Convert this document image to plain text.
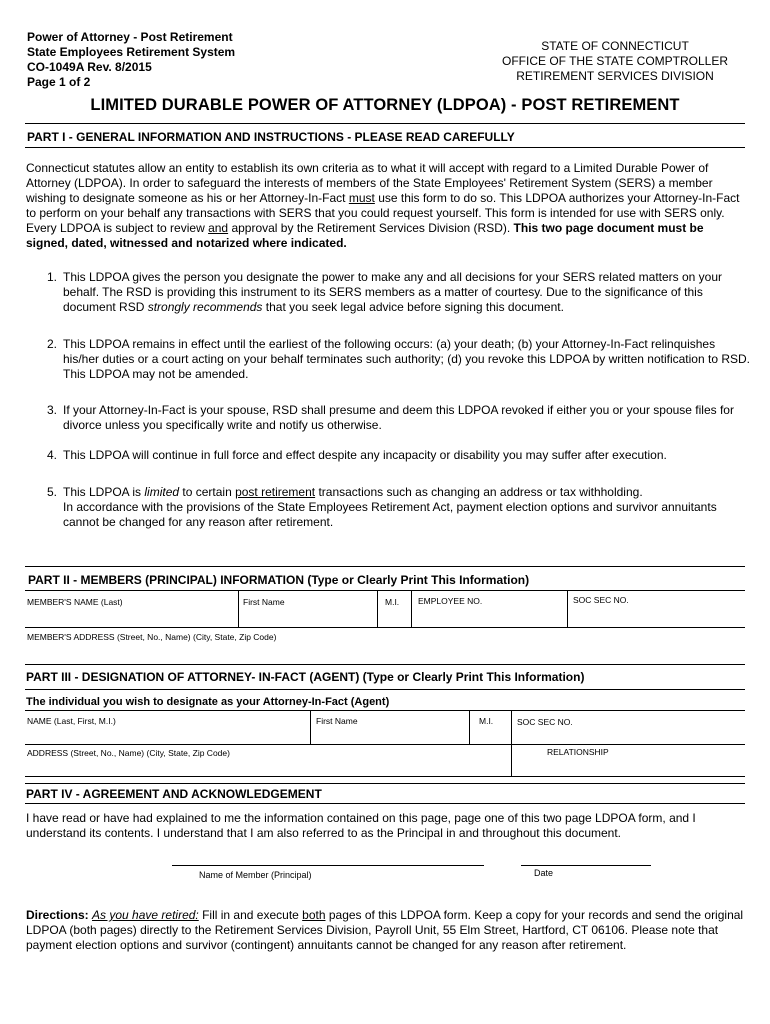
Power of Attorney - Post Retirement
State Employees Retirement System
CO-1049A Rev. 8/2015
Page 1 of 2
STATE OF CONNECTICUT
OFFICE OF THE STATE COMPTROLLER
RETIREMENT SERVICES DIVISION
LIMITED DURABLE POWER OF ATTORNEY (LDPOA) - POST RETIREMENT
PART I - GENERAL INFORMATION AND INSTRUCTIONS - PLEASE READ CAREFULLY
Connecticut statutes allow an entity to establish its own criteria as to what it will accept with regard to a Limited Durable Power of Attorney (LDPOA). In order to safeguard the interests of members of the State Employees' Retirement System (SERS) a member wishing to designate someone as his or her Attorney-In-Fact must use this form to do so. This LDPOA authorizes your Attorney-In-Fact to perform on your behalf any transactions with SERS that you could request yourself. This form is intended for use with SERS only. Every LDPOA is subject to review and approval by the Retirement Services Division (RSD). This two page document must be signed, dated, witnessed and notarized where indicated.
1. This LDPOA gives the person you designate the power to make any and all decisions for your SERS related matters on your behalf. The RSD is providing this instrument to its SERS members as a matter of courtesy. Due to the significance of this document RSD strongly recommends that you seek legal advice before signing this document.
2. This LDPOA remains in effect until the earliest of the following occurs: (a) your death; (b) your Attorney-In-Fact relinquishes his/her duties or a court acting on your behalf terminates such authority; (d) you revoke this LDPOA by written notification to RSD. This LDPOA may not be amended.
3. If your Attorney-In-Fact is your spouse, RSD shall presume and deem this LDPOA revoked if either you or your spouse files for divorce unless you specifically write and notify us otherwise.
4. This LDPOA will continue in full force and effect despite any incapacity or disability you may suffer after execution.
5. This LDPOA is limited to certain post retirement transactions such as changing an address or tax withholding.
In accordance with the provisions of the State Employees Retirement Act, payment election options and survivor annuitants cannot be changed for any reason after retirement.
PART II - MEMBERS (PRINCIPAL) INFORMATION (Type or Clearly Print This Information)
MEMBER'S NAME (Last)	First Name	M.I. EMPLOYEE NO.	SOC SEC NO.
MEMBER'S ADDRESS (Street, No., Name) (City, State, Zip Code)
PART III - DESIGNATION OF ATTORNEY- IN-FACT (AGENT) (Type or Clearly Print This Information)
The individual you wish to designate as your Attorney-In-Fact (Agent)
NAME (Last, First, M.I.)	First Name	M.I.	SOC SEC NO.
ADDRESS (Street, No., Name) (City, State, Zip Code)	RELATIONSHIP
PART IV - AGREEMENT AND ACKNOWLEDGEMENT
I have read or have had explained to me the information contained on this page, page one of this two page LDPOA form, and I understand its contents. I understand that I am also referred to as the Principal in and throughout this document.
Name of Member (Principal)	Date
Directions: As you have retired: Fill in and execute both pages of this LDPOA form. Keep a copy for your records and send the original LDPOA (both pages) directly to the Retirement Services Division, Payroll Unit, 55 Elm Street, Hartford, CT 06106. Please note that payment election options and survivor (contingent) annuitants cannot be changed for any reason after retirement.
